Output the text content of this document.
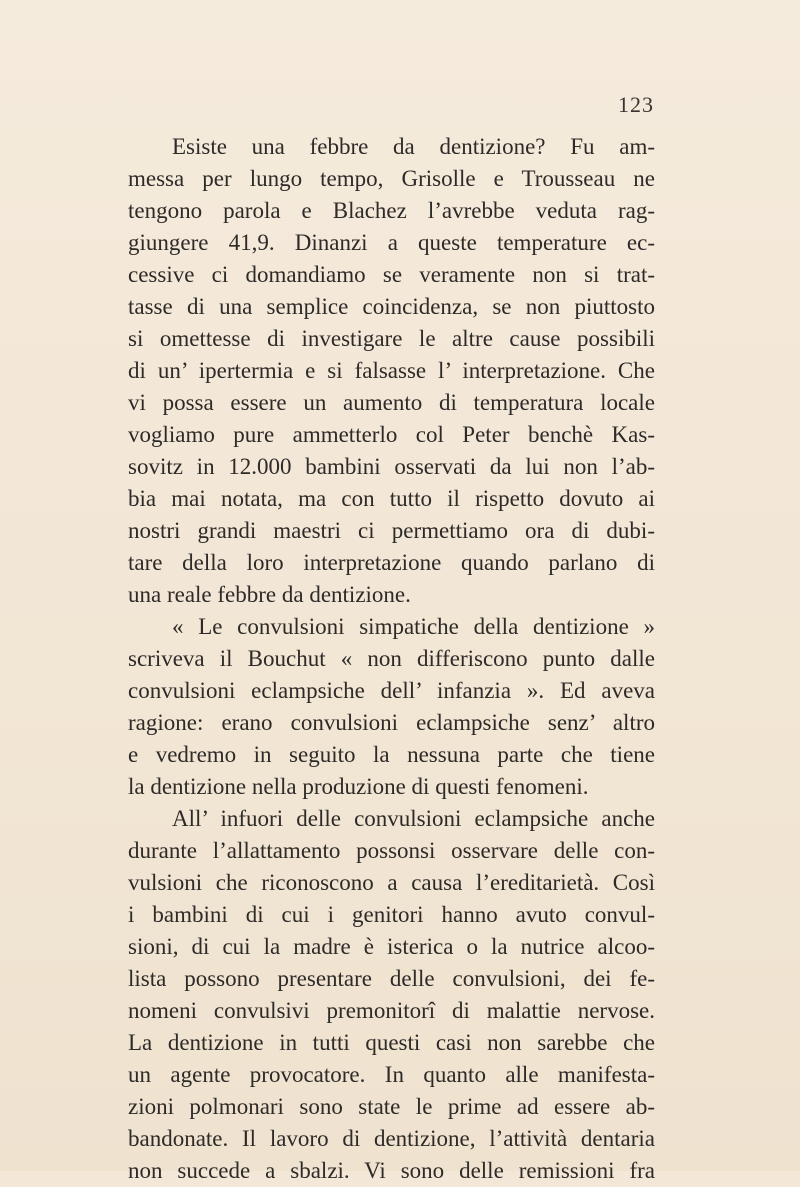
123
Esiste una febbre da dentizione? Fu am-
messa per lungo tempo, Grisolle e Trousseau ne
tengono parola e Blachez l’avrebbe veduta rag-
giungere 41,9. Dinanzi a queste temperature ec-
cessive ci domandiamo se veramente non si trat-
tasse di una semplice coincidenza, se non piuttosto
si omettesse di investigare le altre cause possibili
di un’ ipertermia e si falsasse l’ interpretazione. Che
vi possa essere un aumento di temperatura locale
vogliamo pure ammetterlo col Peter benchè Kas-
sovitz in 12.000 bambini osservati da lui non l’ab-
bia mai notata, ma con tutto il rispetto dovuto ai
nostri grandi maestri ci permettiamo ora di dubi-
tare della loro interpretazione quando parlano di
una reale febbre da dentizione.
« Le convulsioni simpatiche della dentizione »
scriveva il Bouchut « non differiscono punto dalle
convulsioni eclampsiche dell’ infanzia ». Ed aveva
ragione: erano convulsioni eclampsiche senz’ altro
e vedremo in seguito la nessuna parte che tiene
la dentizione nella produzione di questi fenomeni.
All’ infuori delle convulsioni eclampsiche anche
durante l’allattamento possonsi osservare delle con-
vulsioni che riconoscono a causa l’ereditarietà. Così
i bambini di cui i genitori hanno avuto convul-
sioni, di cui la madre è isterica o la nutrice alcoo-
lista possono presentare delle convulsioni, dei fe-
nomeni convulsivi premonitorî di malattie nervose.
La dentizione in tutti questi casi non sarebbe che
un agente provocatore. In quanto alle manifesta-
zioni polmonari sono state le prime ad essere ab-
bandonate. Il lavoro di dentizione, l’attività dentaria
non succede a sbalzi. Vi sono delle remissioni fra
